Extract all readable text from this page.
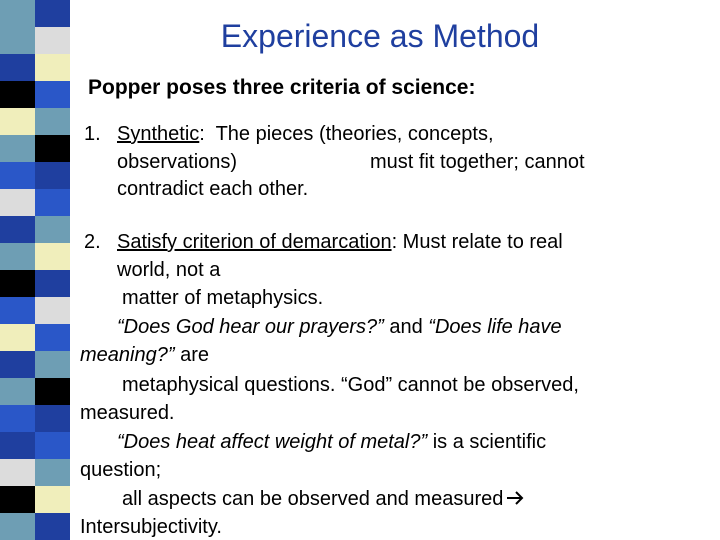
Experience as Method
Popper poses three criteria of science:
1. Synthetic:  The pieces (theories, concepts,
observations)	must fit together; cannot
contradict each other.
2. Satisfy criterion of demarcation: Must relate to real
world, not a
matter of metaphysics.
“Does God hear our prayers?” and “Does life have
meaning?” are
metaphysical questions. “God” cannot be observed,
measured.
“Does heat affect weight of metal?” is a scientific
question;
all aspects can be observed and measured
Intersubjectivity.
